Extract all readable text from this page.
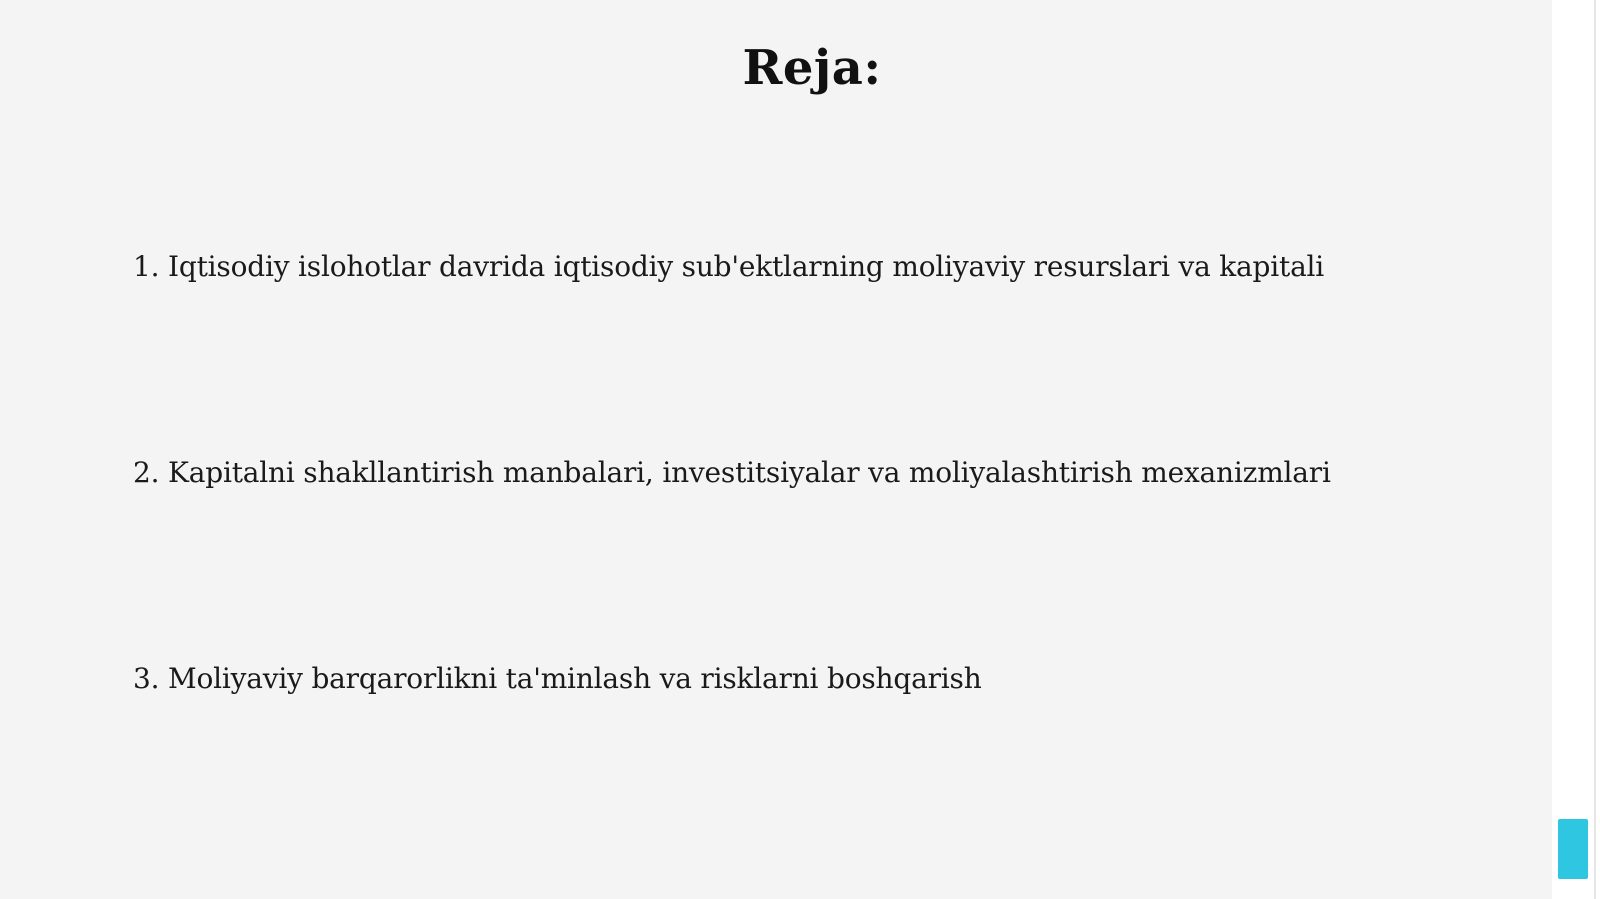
Reja:
1. Iqtisodiy islohotlar davrida iqtisodiy sub'ektlarning moliyaviy resurslari va kapitali
2. Kapitalni shakllantirish manbalari, investitsiyalar va moliyalashtirish mexanizmlari
3. Moliyaviy barqarorlikni ta'minlash va risklarni boshqarish
